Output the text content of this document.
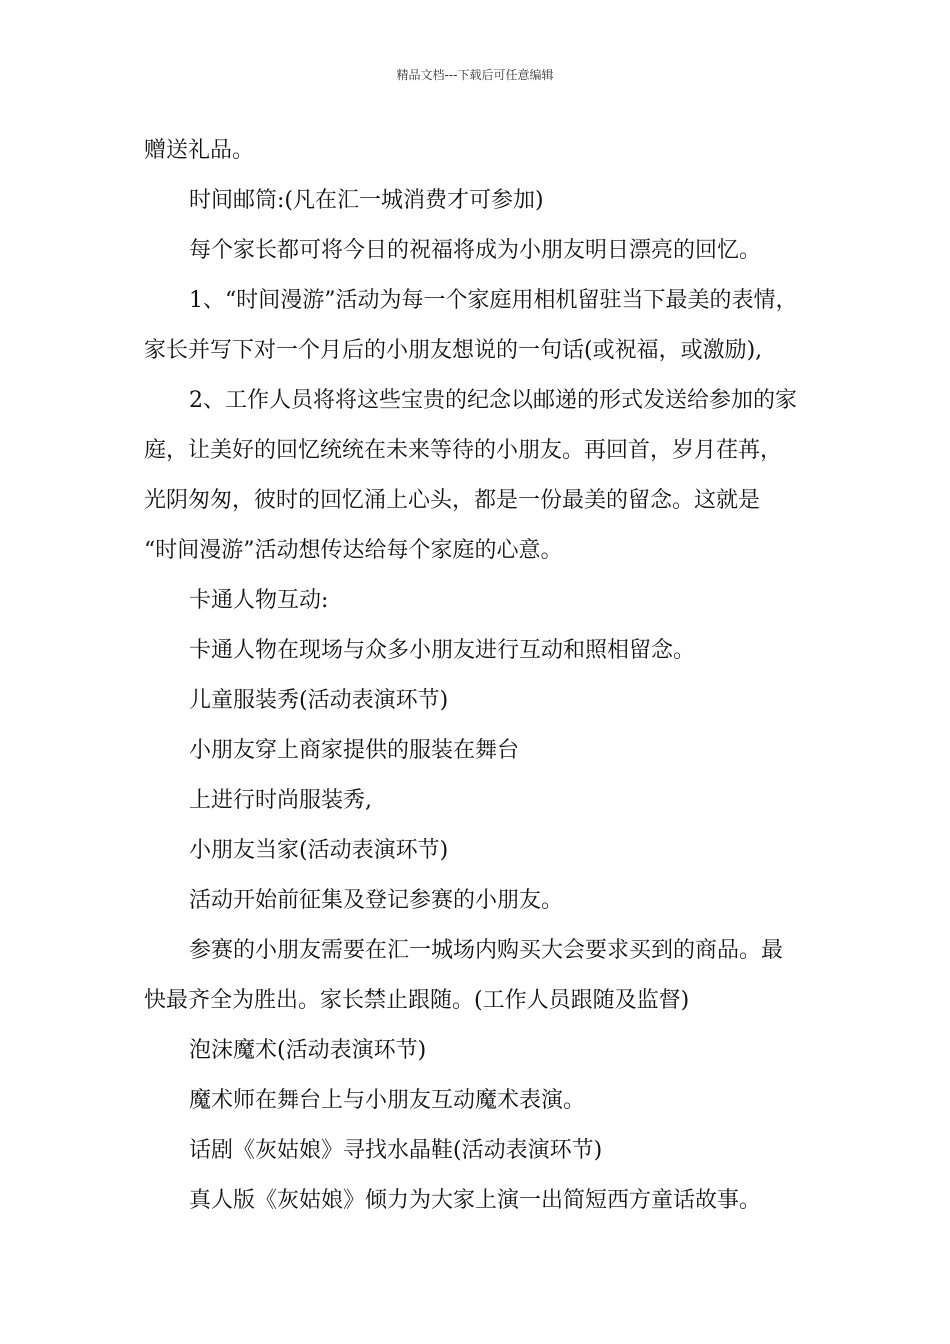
精品文档---下载后可任意编辑
赠送礼品。
时间邮筒:(凡在汇一城消费才可参加)
每个家长都可将今日的祝福将成为小朋友明日漂亮的回忆。
1、“时间漫游”活动为每一个家庭用相机留驻当下最美的表情，
家长并写下对一个月后的小朋友想说的一句话(或祝福，或激励),
2、工作人员将将这些宝贵的纪念以邮递的形式发送给参加的家
庭，让美好的回忆统统在未来等待的小朋友。再回首，岁月荏苒，
光阴匆匆，彼时的回忆涌上心头，都是一份最美的留念。这就是
“时间漫游”活动想传达给每个家庭的心意。
卡通人物互动:
卡通人物在现场与众多小朋友进行互动和照相留念。
儿童服装秀(活动表演环节)
小朋友穿上商家提供的服装在舞台
上进行时尚服装秀,
小朋友当家(活动表演环节)
活动开始前征集及登记参赛的小朋友。
参赛的小朋友需要在汇一城场内购买大会要求买到的商品。最
快最齐全为胜出。家长禁止跟随。(工作人员跟随及监督)
泡沫魔术(活动表演环节)
魔术师在舞台上与小朋友互动魔术表演。
话剧《灰姑娘》寻找水晶鞋(活动表演环节)
真人版《灰姑娘》倾力为大家上演一出简短西方童话故事。
